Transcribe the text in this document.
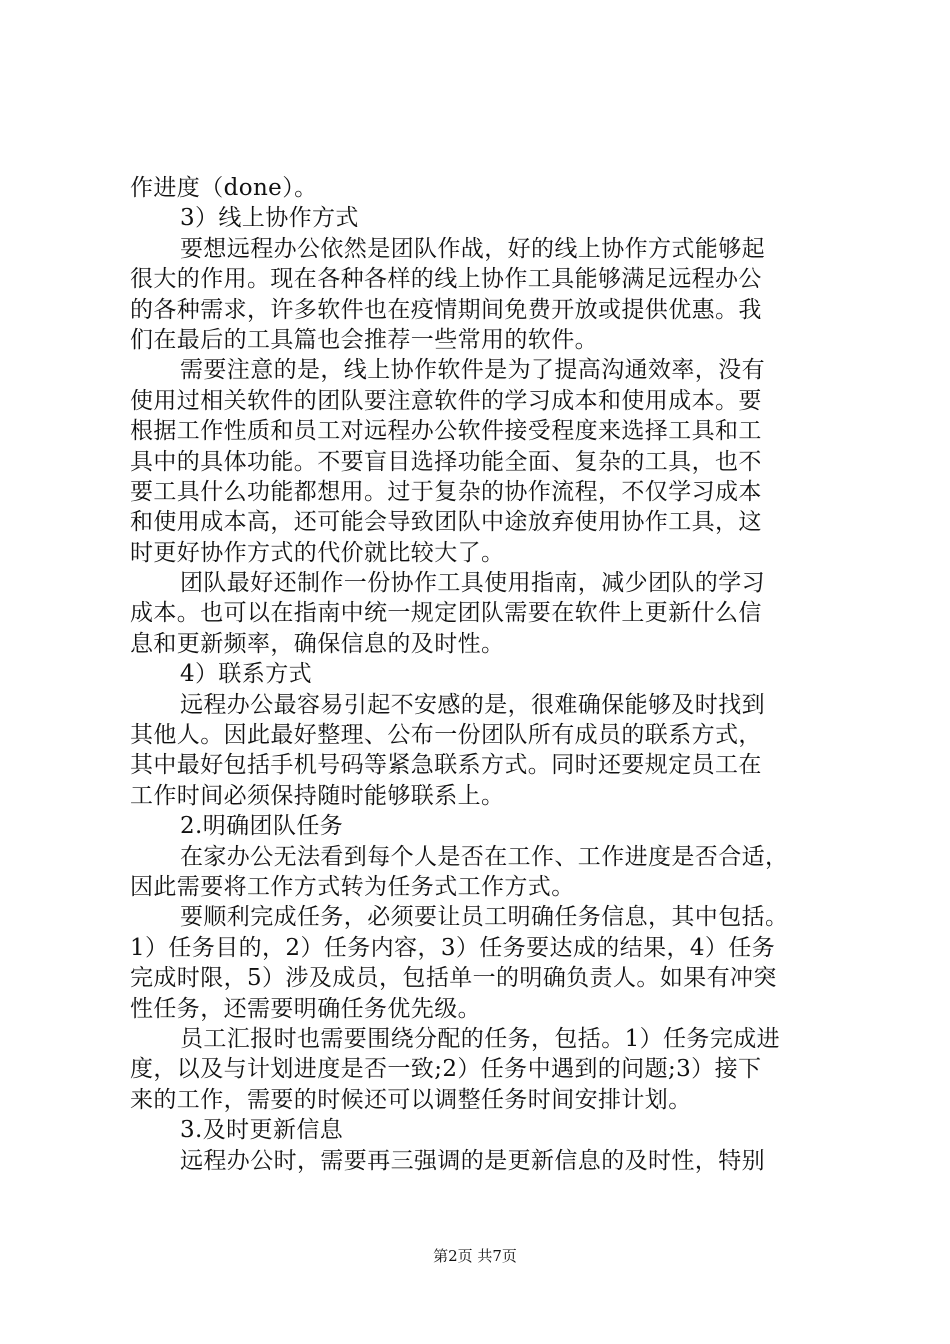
作进度（done）。
3）线上协作方式
要想远程办公依然是团队作战，好的线上协作方式能够起
很大的作用。现在各种各样的线上协作工具能够满足远程办公
的各种需求，许多软件也在疫情期间免费开放或提供优惠。我
们在最后的工具篇也会推荐一些常用的软件。
需要注意的是，线上协作软件是为了提高沟通效率，没有
使用过相关软件的团队要注意软件的学习成本和使用成本。要
根据工作性质和员工对远程办公软件接受程度来选择工具和工
具中的具体功能。不要盲目选择功能全面、复杂的工具，也不
要工具什么功能都想用。过于复杂的协作流程，不仅学习成本
和使用成本高，还可能会导致团队中途放弃使用协作工具，这
时更好协作方式的代价就比较大了。
团队最好还制作一份协作工具使用指南，减少团队的学习
成本。也可以在指南中统一规定团队需要在软件上更新什么信
息和更新频率，确保信息的及时性。
4）联系方式
远程办公最容易引起不安感的是，很难确保能够及时找到
其他人。因此最好整理、公布一份团队所有成员的联系方式，
其中最好包括手机号码等紧急联系方式。同时还要规定员工在
工作时间必须保持随时能够联系上。
2.明确团队任务
在家办公无法看到每个人是否在工作、工作进度是否合适，
因此需要将工作方式转为任务式工作方式。
要顺利完成任务，必须要让员工明确任务信息，其中包括。
1）任务目的，2）任务内容，3）任务要达成的结果，4）任务
完成时限，5）涉及成员，包括单一的明确负责人。如果有冲突
性任务，还需要明确任务优先级。
员工汇报时也需要围绕分配的任务，包括。1）任务完成进
度，以及与计划进度是否一致;2）任务中遇到的问题;3）接下
来的工作，需要的时候还可以调整任务时间安排计划。
3.及时更新信息
远程办公时，需要再三强调的是更新信息的及时性，特别
第2页 共7页
